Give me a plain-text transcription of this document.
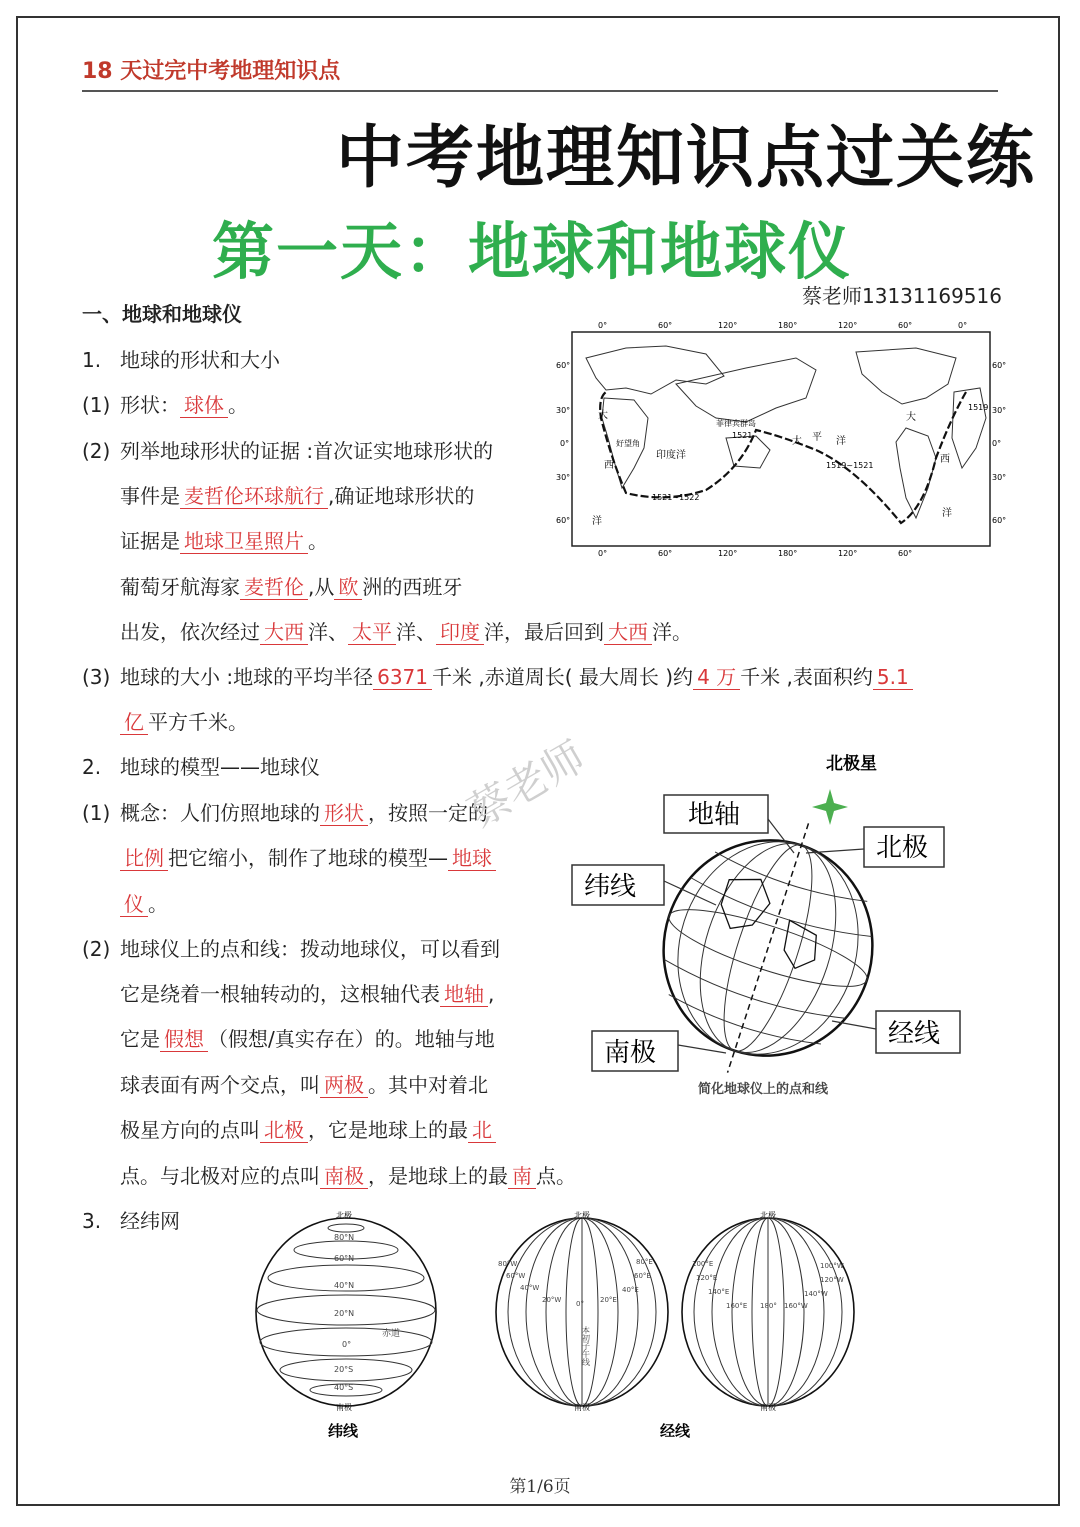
18 天过完中考地理知识点
中考地理知识点过关练
第一天：地球和地球仪
蔡老师13131169516
一、地球和地球仪
1. 地球的形状和大小
(1) 形状： 球体 。
(2) 列举地球形状的证据 :首次证实地球形状的
事件是 麦哲伦环球航行 ,确证地球形状的
证据是 地球卫星照片 。
葡萄牙航海家 麦哲伦 ,从 欧 洲的西班牙
出发，依次经过 大西 洋、 太平 洋、 印度 洋，最后回到 大西 洋。
(3) 地球的大小 :地球的平均半径 6371 千米 ,赤道周长( 最大周长 )约 4 万 千米 ,表面积约 5.1
亿 平方千米。
2. 地球的模型——地球仪
(1) 概念：人们仿照地球的 形状 ，按照一定的
比例 把它缩小，制作了地球的模型— 地球
仪 。
(2) 地球仪上的点和线：拨动地球仪，可以看到
它是绕着一根轴转动的，这根轴代表 地轴 ,
它是 假想 （假想/真实存在）的。地轴与地
球表面有两个交点，叫 两极 。其中对着北
极星方向的点叫 北极 ，它是地球上的最 北
点。与北极对应的点叫 南极 ，是地球上的最 南 点。
3. 经纬网
蔡老师
0°	60°	120°	180°	120°	60°	0°
0°	60°	120°	180°	120°	60°
60°
30°
0°
30°
60°
60°
30°
0°
30°
60°
大
西
洋
太 平 洋
印度洋
大
西
洋
好望角
菲律宾群岛
1521
1519~1521
1521~1522
1519
北极星
地轴
北极
纬线
南极
经线
简化地球仪上的点和线
北极
80°N
60°N
40°N
20°N
0°
20°S
40°S
赤道
南极
纬线
北极
80°W
60°W
40°W
20°W 0° 20°E
40°E
60°E
80°E
本初子午线
南极
经线
北极
100°E
120°E
140°E
160°E 180° 160°W
140°W
120°W
100°W
南极
第1/6页
